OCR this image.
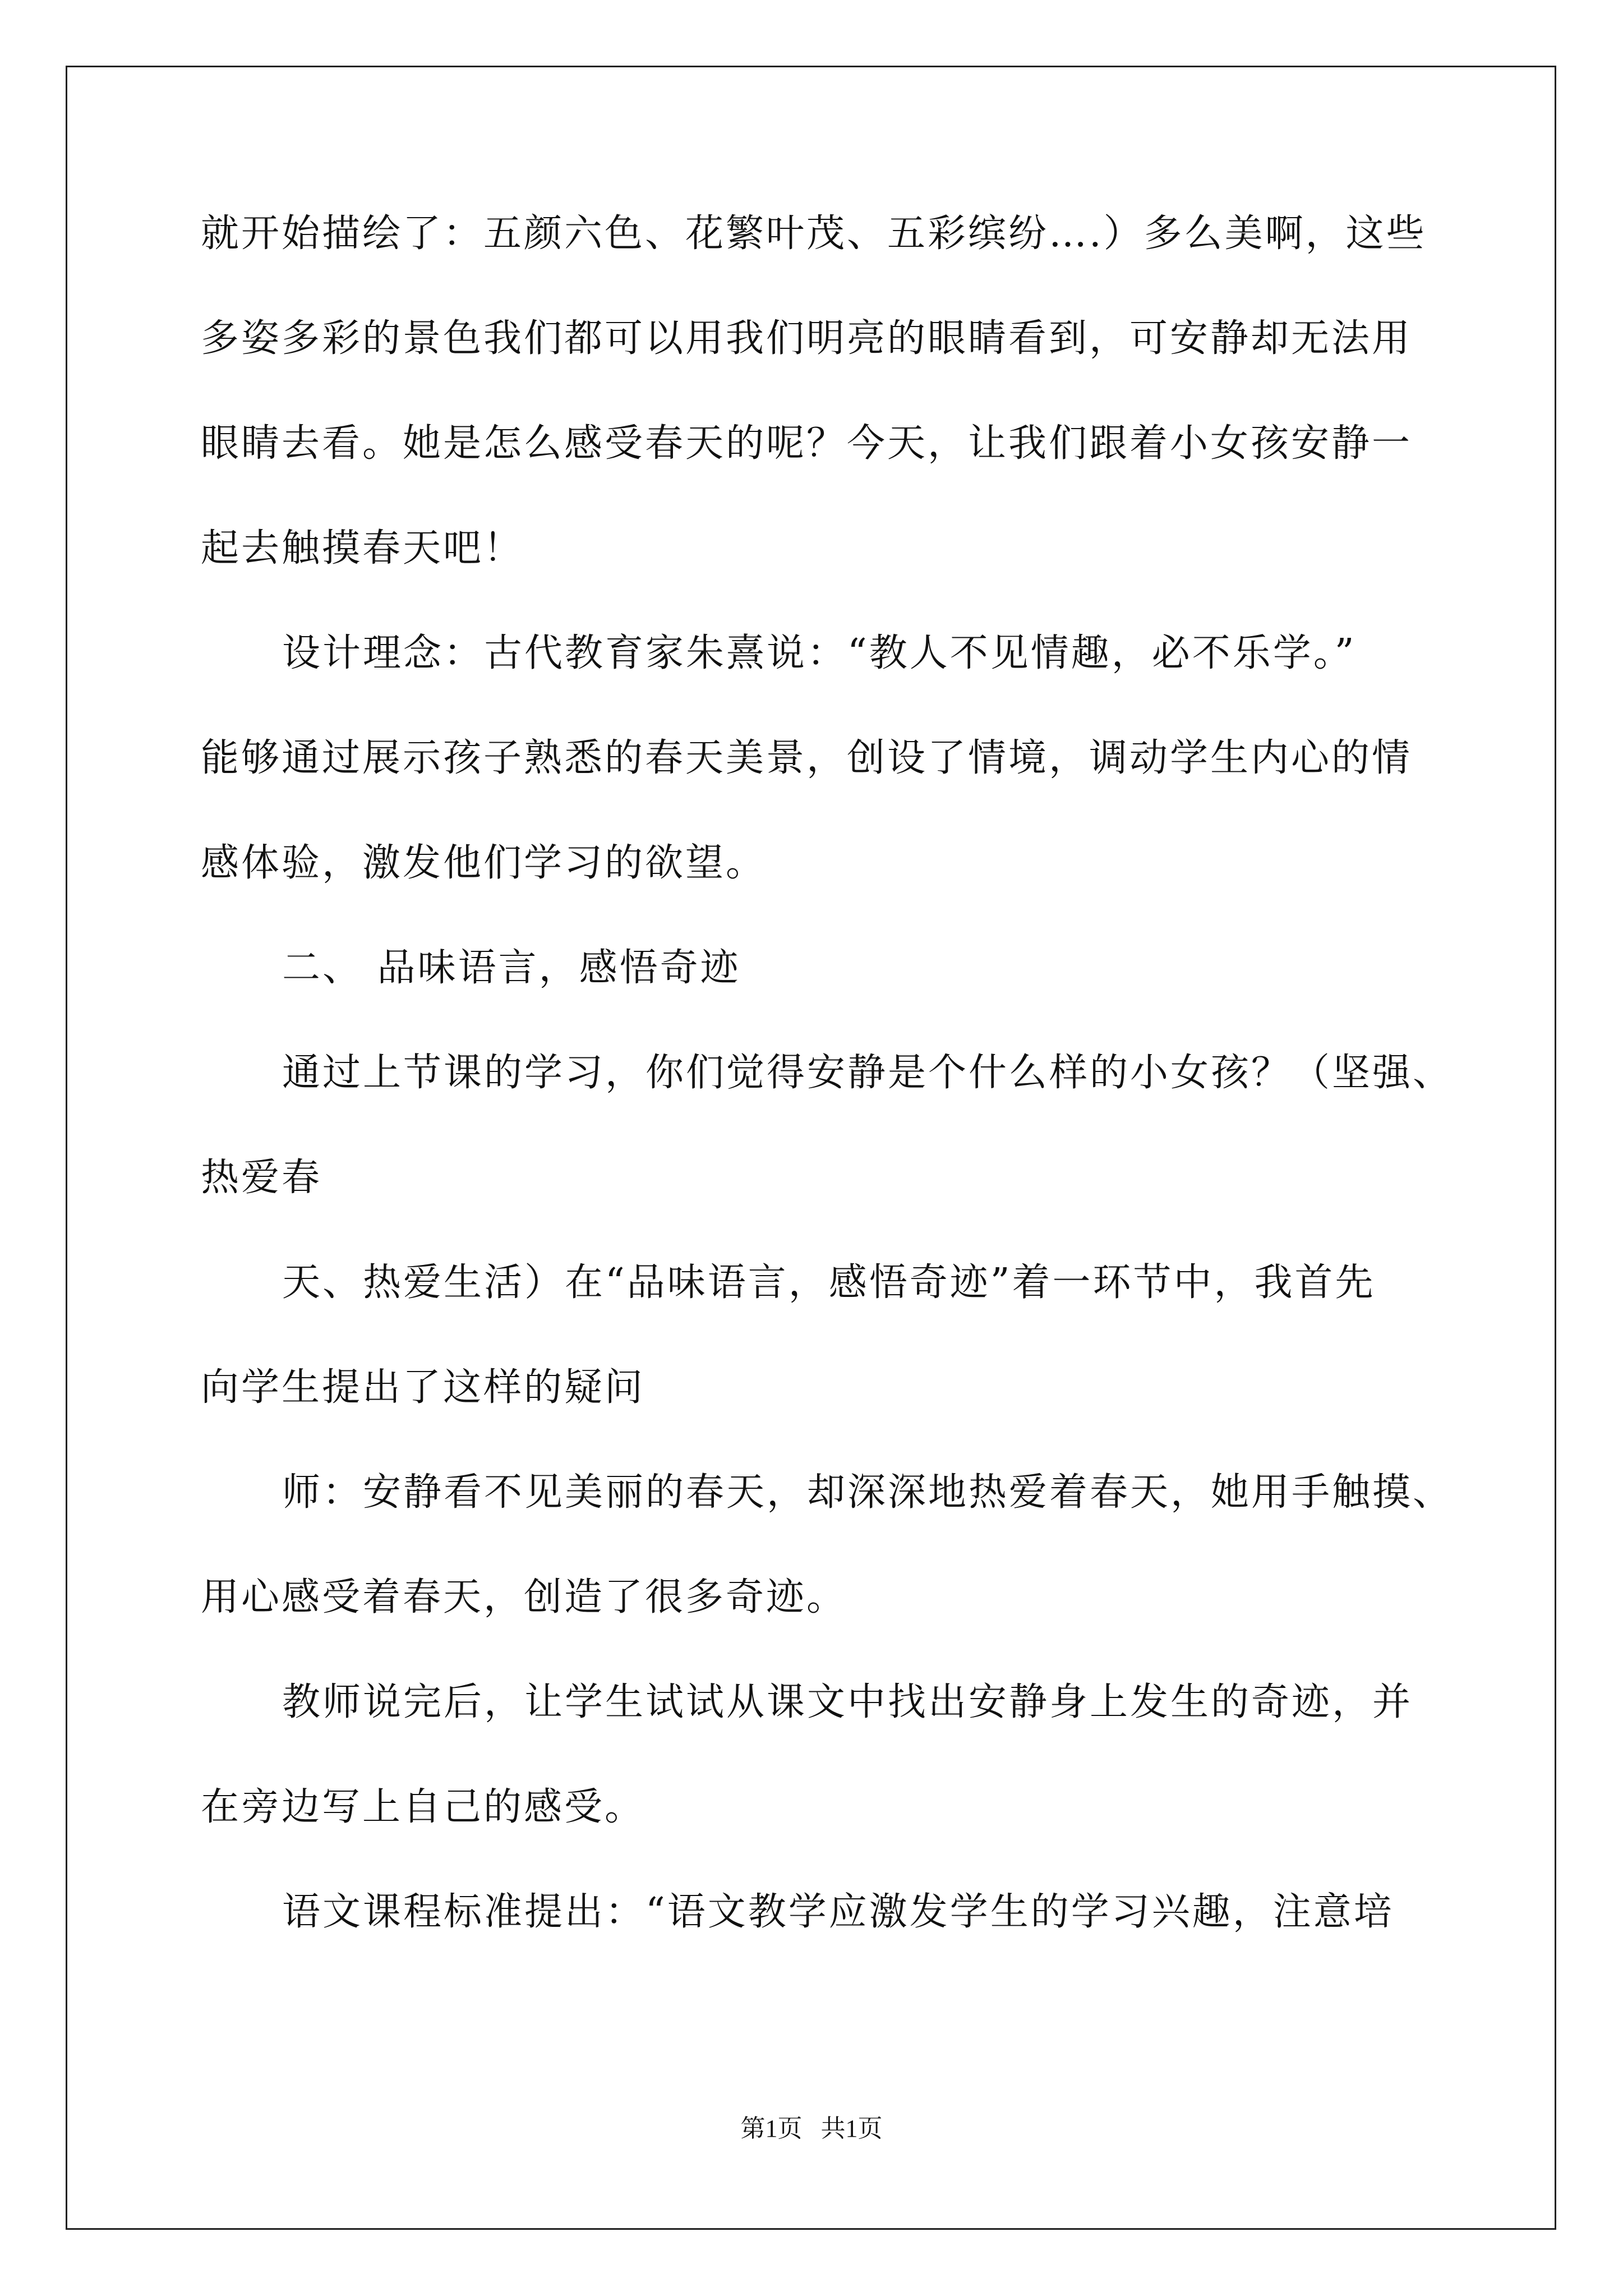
就开始描绘了：五颜六色、花繁叶茂、五彩缤纷….）多么美啊，这些
多姿多彩的景色我们都可以用我们明亮的眼睛看到，可安静却无法用
眼睛去看。她是怎么感受春天的呢？今天，让我们跟着小女孩安静一
起去触摸春天吧！
设计理念：古代教育家朱熹说：“教人不见情趣，必不乐学。”
能够通过展示孩子熟悉的春天美景，创设了情境，调动学生内心的情
感体验，激发他们学习的欲望。
二、 品味语言，感悟奇迹
通过上节课的学习，你们觉得安静是个什么样的小女孩？（坚强、
热爱春
天、热爱生活）在“品味语言，感悟奇迹”着一环节中，我首先
向学生提出了这样的疑问
师：安静看不见美丽的春天，却深深地热爱着春天，她用手触摸、
用心感受着春天，创造了很多奇迹。
教师说完后，让学生试试从课文中找出安静身上发生的奇迹，并
在旁边写上自己的感受。
语文课程标准提出：“语文教学应激发学生的学习兴趣，注意培
第1页   共1页
